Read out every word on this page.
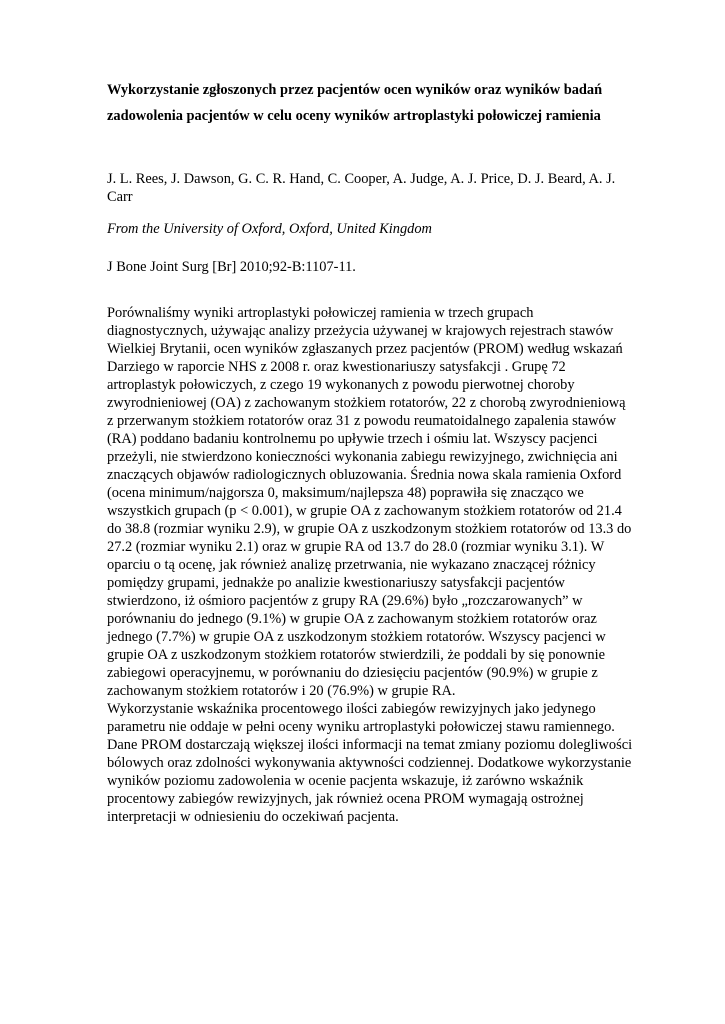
Wykorzystanie zgłoszonych przez pacjentów ocen wyników oraz wyników badań
zadowolenia pacjentów w celu oceny wyników artroplastyki połowiczej ramienia

J. L. Rees, J. Dawson, G. C. R. Hand, C. Cooper, A. Judge, A. J. Price, D. J. Beard, A. J. Carr

From the University of Oxford, Oxford, United Kingdom

J Bone Joint Surg [Br] 2010;92-B:1107-11.

Porównaliśmy wyniki artroplastyki połowiczej ramienia w trzech grupach diagnostycznych, używając analizy przeżycia używanej w krajowych rejestrach stawów Wielkiej Brytanii, ocen wyników zgłaszanych przez pacjentów (PROM) według wskazań Darziego w raporcie NHS z 2008 r. oraz kwestionariuszy satysfakcji . Grupę 72 artroplastyk połowiczych, z czego 19 wykonanych z powodu pierwotnej choroby zwyrodnieniowej (OA) z zachowanym stożkiem rotatorów, 22 z chorobą zwyrodnieniową z przerwanym stożkiem rotatorów oraz 31 z powodu reumatoidalnego zapalenia stawów (RA) poddano badaniu kontrolnemu po upływie trzech i ośmiu lat. Wszyscy pacjenci przeżyli, nie stwierdzono konieczności wykonania zabiegu rewizyjnego, zwichnięcia ani znaczących objawów radiologicznych obluzowania. Średnia nowa skala ramienia Oxford (ocena minimum/najgorsza 0, maksimum/najlepsza 48) poprawiła się znacząco we wszystkich grupach (p < 0.001), w grupie OA z zachowanym stożkiem rotatorów od 21.4 do 38.8 (rozmiar wyniku 2.9), w grupie OA z uszkodzonym stożkiem rotatorów od 13.3 do 27.2 (rozmiar wyniku 2.1) oraz w grupie RA od 13.7 do 28.0 (rozmiar wyniku 3.1). W oparciu o tą ocenę, jak również analizę przetrwania, nie wykazano znaczącej różnicy pomiędzy grupami, jednakże po analizie kwestionariuszy satysfakcji pacjentów stwierdzono, iż ośmioro pacjentów z grupy RA (29.6%) było „rozczarowanych” w porównaniu do jednego (9.1%) w grupie OA z zachowanym stożkiem rotatorów oraz jednego (7.7%) w grupie OA z uszkodzonym stożkiem rotatorów. Wszyscy pacjenci w grupie OA z uszkodzonym stożkiem rotatorów stwierdzili, że poddali by się ponownie zabiegowi operacyjnemu, w porównaniu do dziesięciu pacjentów (90.9%) w grupie z zachowanym stożkiem rotatorów i 20 (76.9%) w grupie RA.

Wykorzystanie wskaźnika procentowego ilości zabiegów rewizyjnych jako jedynego parametru nie oddaje w pełni oceny wyniku artroplastyki połowiczej stawu ramiennego. Dane PROM dostarczają większej ilości informacji na temat zmiany poziomu dolegliwości bólowych oraz zdolności wykonywania aktywności codziennej. Dodatkowe wykorzystanie wyników poziomu zadowolenia w ocenie pacjenta wskazuje, iż zarówno wskaźnik procentowy zabiegów rewizyjnych, jak również ocena PROM wymagają ostrożnej interpretacji w odniesieniu do oczekiwań pacjenta.
